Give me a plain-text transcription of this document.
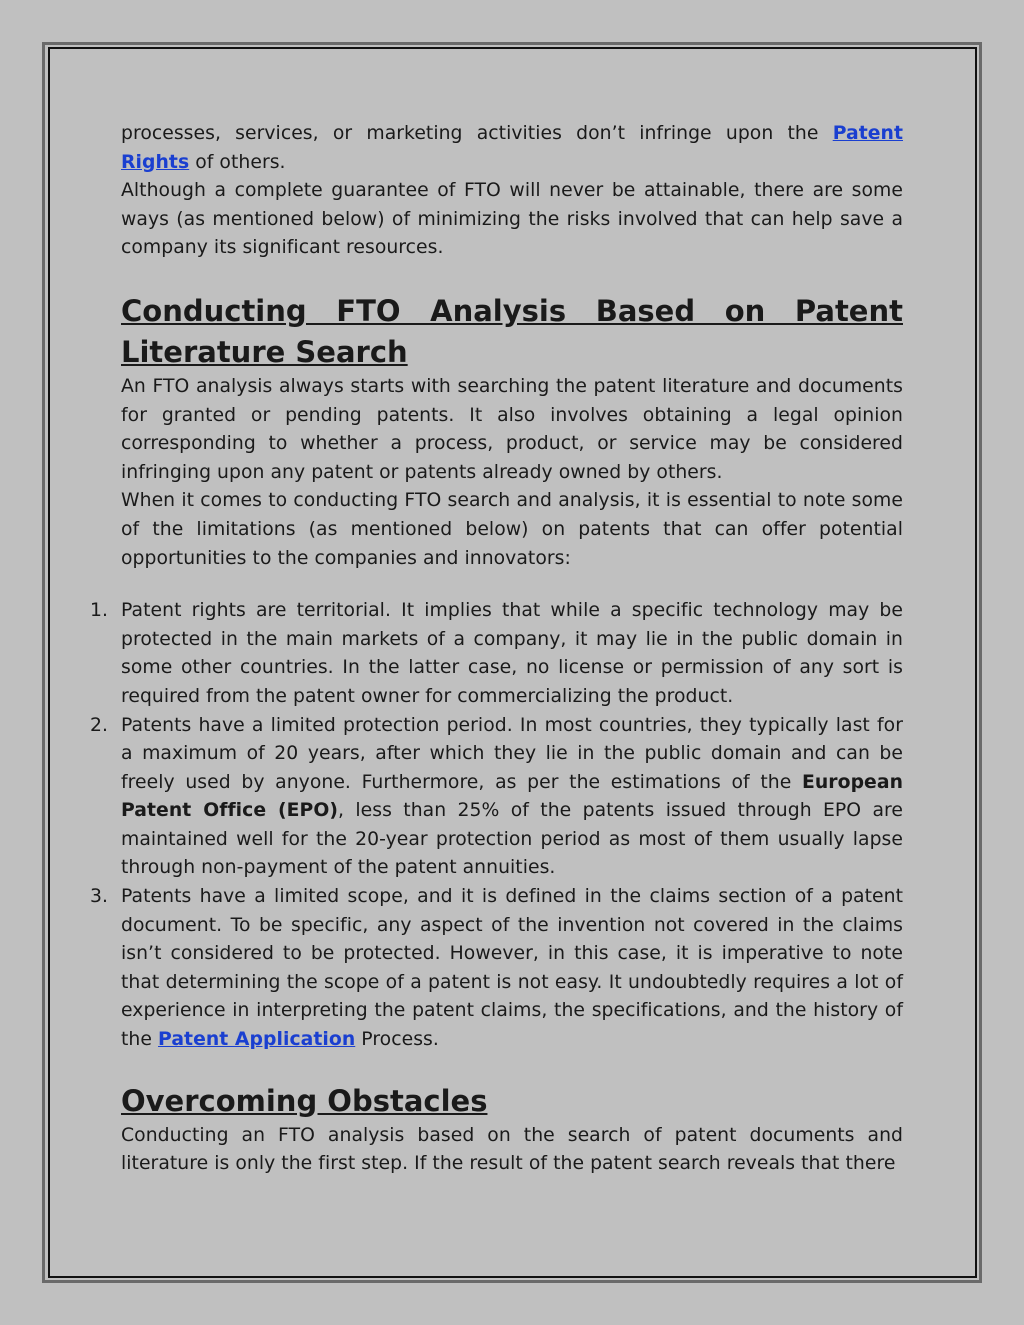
processes, services, or marketing activities don’t infringe upon the Patent Rights of others.

Although a complete guarantee of FTO will never be attainable, there are some ways (as mentioned below) of minimizing the risks involved that can help save a company its significant resources.

Conducting FTO Analysis Based on Patent Literature Search

An FTO analysis always starts with searching the patent literature and documents for granted or pending patents. It also involves obtaining a legal opinion corresponding to whether a process, product, or service may be considered infringing upon any patent or patents already owned by others.

When it comes to conducting FTO search and analysis, it is essential to note some of the limitations (as mentioned below) on patents that can offer potential opportunities to the companies and innovators:

1. Patent rights are territorial. It implies that while a specific technology may be protected in the main markets of a company, it may lie in the public domain in some other countries. In the latter case, no license or permission of any sort is required from the patent owner for commercializing the product.

2. Patents have a limited protection period. In most countries, they typically last for a maximum of 20 years, after which they lie in the public domain and can be freely used by anyone. Furthermore, as per the estimations of the European Patent Office (EPO), less than 25% of the patents issued through EPO are maintained well for the 20-year protection period as most of them usually lapse through non-payment of the patent annuities.

3. Patents have a limited scope, and it is defined in the claims section of a patent document. To be specific, any aspect of the invention not covered in the claims isn’t considered to be protected. However, in this case, it is imperative to note that determining the scope of a patent is not easy. It undoubtedly requires a lot of experience in interpreting the patent claims, the specifications, and the history of the Patent Application Process.

Overcoming Obstacles

Conducting an FTO analysis based on the search of patent documents and literature is only the first step. If the result of the patent search reveals that there
